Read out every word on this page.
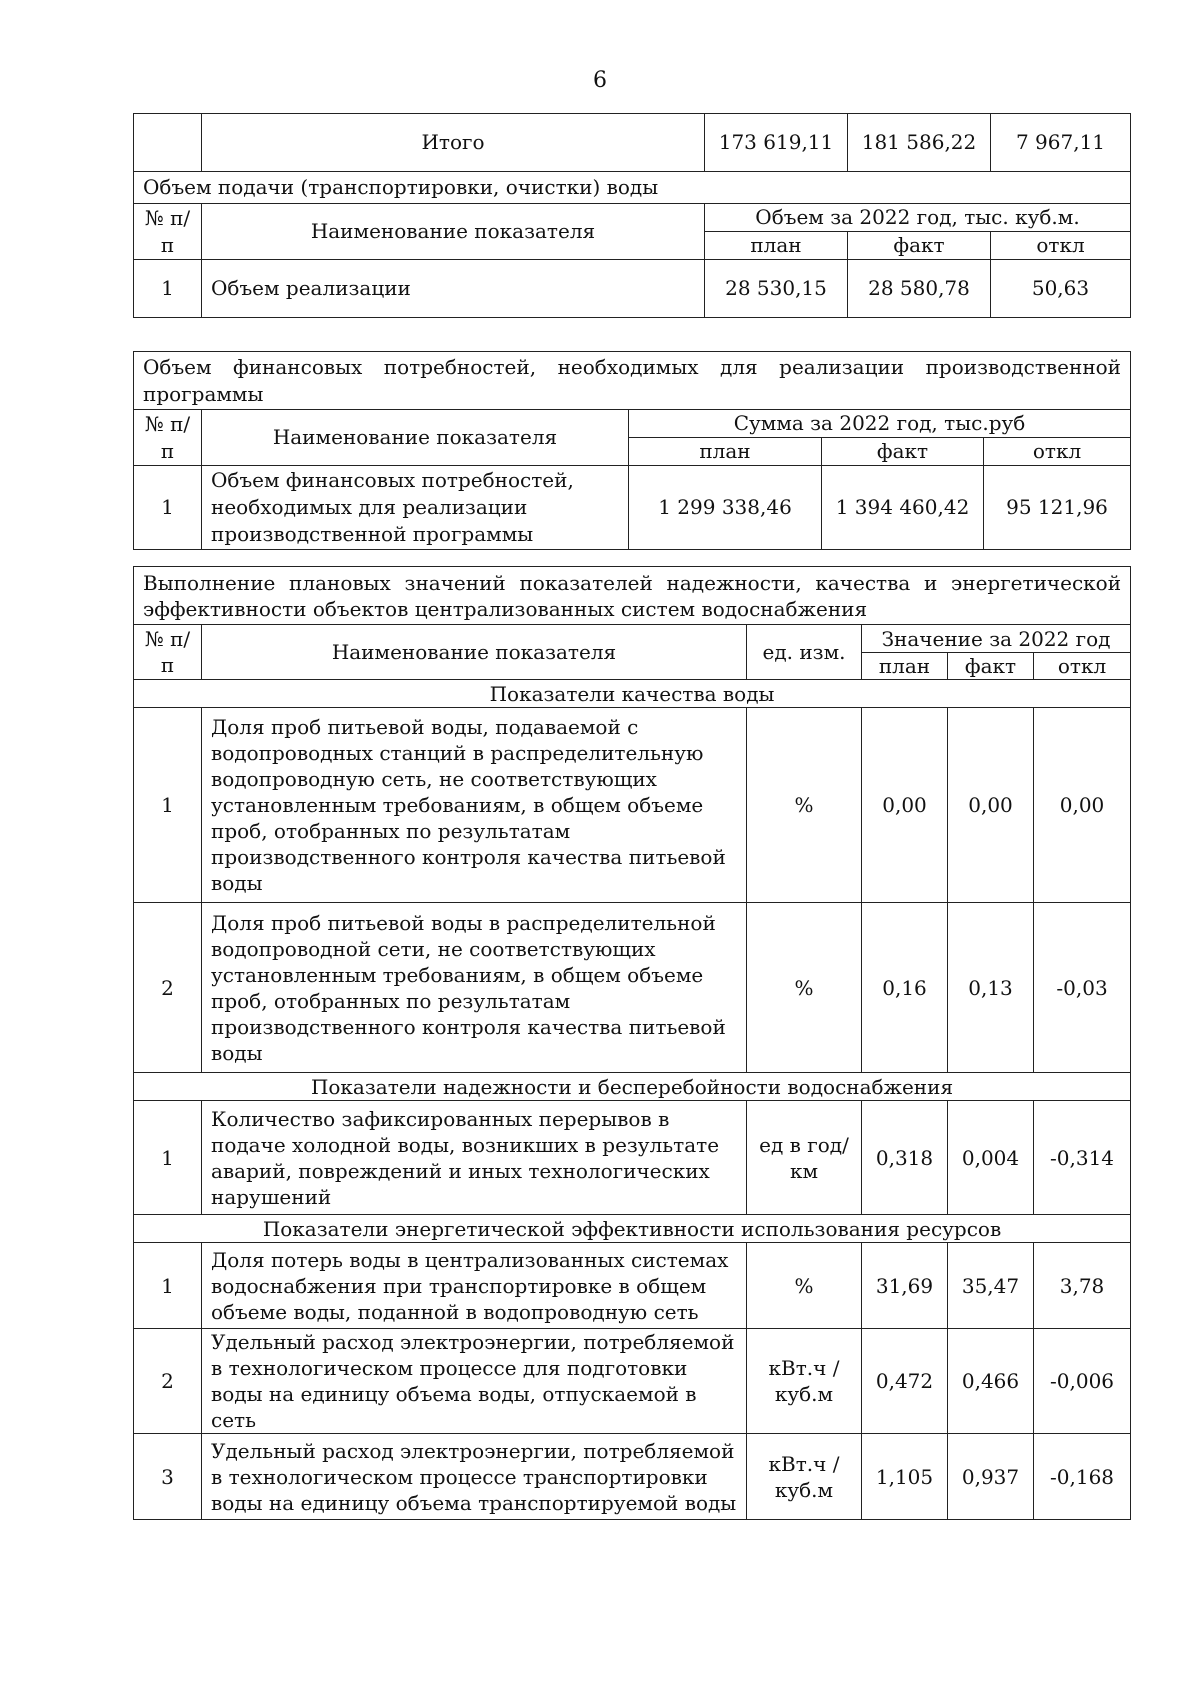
6
	Итого	173 619,11	181 586,22	7 967,11
Объем подачи (транспортировки, очистки) воды				
№ п/п	Наименование показателя	Объем за 2022 год, тыс. куб.м.		
		план	факт	откл
1	Объем реализации	28 530,15	28 580,78	50,63
Объем финансовых потребностей, необходимых для реализации производственной программы				
№ п/п	Наименование показателя	Сумма за 2022 год, тыс.руб		
		план	факт	откл
1	Объем финансовых потребностей, необходимых для реализации производственной программы	1 299 338,46	1 394 460,42	95 121,96
Выполнение плановых значений показателей надежности, качества и энергетической эффективности объектов централизованных систем водоснабжения					
№ п/п	Наименование показателя	ед. изм.	Значение за 2022 год		
			план	факт	откл
Показатели качества воды					
1	Доля проб питьевой воды, подаваемой с водопроводных станций в распределительную водопроводную сеть, не соответствующих установленным требованиям, в общем объеме проб, отобранных по результатам производственного контроля качества питьевой воды	%	0,00	0,00	0,00
2	Доля проб питьевой воды в распределительной водопроводной сети, не соответствующих установленным требованиям, в общем объеме проб, отобранных по результатам производственного контроля качества питьевой воды	%	0,16	0,13	-0,03
Показатели надежности и бесперебойности водоснабжения					
1	Количество зафиксированных перерывов в подаче холодной воды, возникших в результате аварий, повреждений и иных технологических нарушений	ед в год/ км	0,318	0,004	-0,314
Показатели энергетической эффективности использования ресурсов					
1	Доля потерь воды в централизованных системах водоснабжения при транспортировке в общем объеме воды, поданной в водопроводную сеть	%	31,69	35,47	3,78
2	Удельный расход электроэнергии, потребляемой в технологическом процессе для подготовки воды на единицу объема воды, отпускаемой в сеть	кВт.ч / куб.м	0,472	0,466	-0,006
3	Удельный расход электроэнергии, потребляемой в технологическом процессе транспортировки воды на единицу объема транспортируемой воды	кВт.ч / куб.м	1,105	0,937	-0,168
